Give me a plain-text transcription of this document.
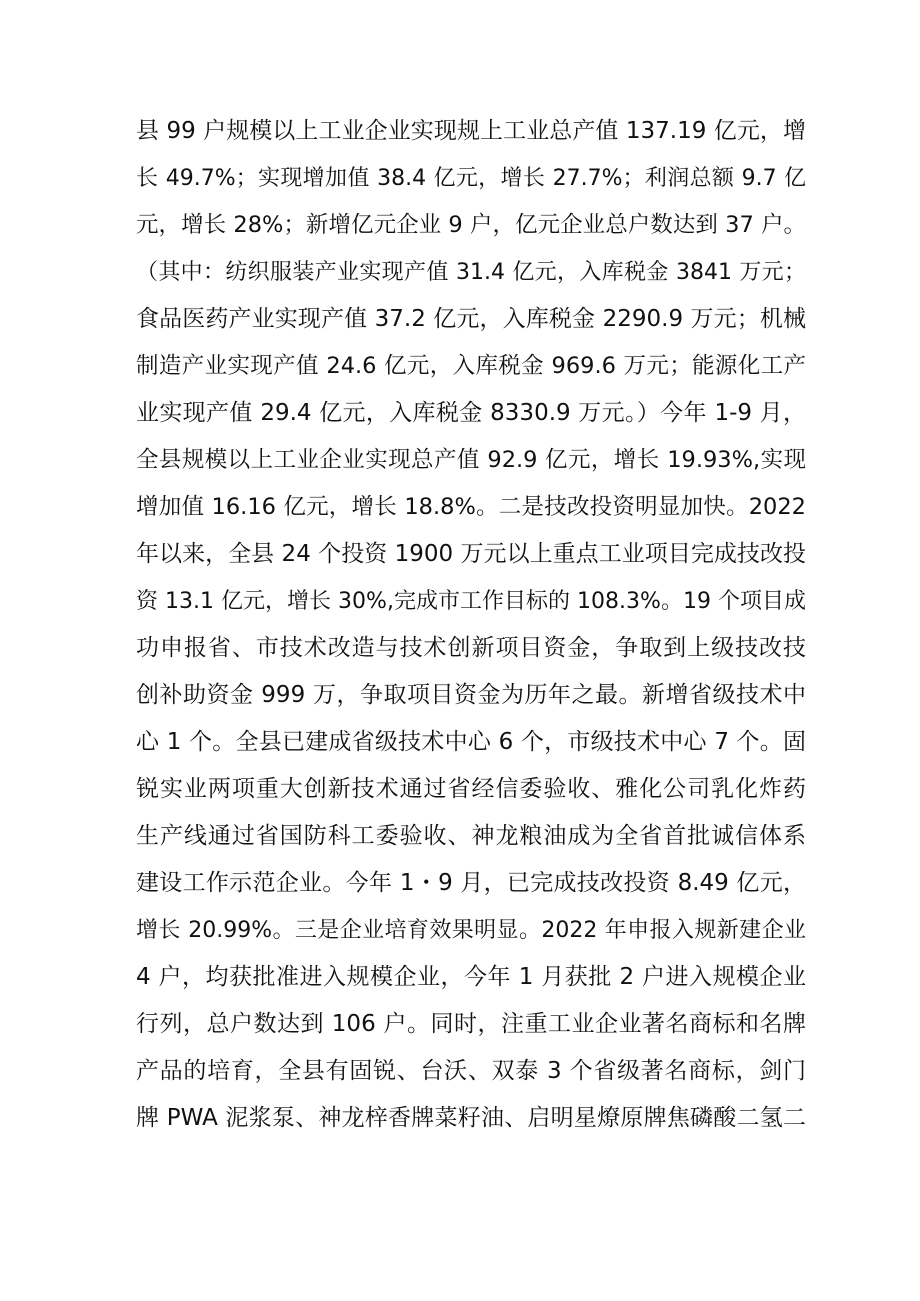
县 99 户规模以上工业企业实现规上工业总产值 137.19 亿元，增
长 49.7%；实现增加值 38.4 亿元，增长 27.7%；利润总额 9.7 亿
元，增长 28%；新增亿元企业 9 户，亿元企业总户数达到 37 户。
（其中：纺织服装产业实现产值 31.4 亿元，入库税金 3841 万元；
食品医药产业实现产值 37.2 亿元，入库税金 2290.9 万元；机械
制造产业实现产值 24.6 亿元，入库税金 969.6 万元；能源化工产
业实现产值 29.4 亿元，入库税金 8330.9 万元。）今年 1-9 月，
全县规模以上工业企业实现总产值 92.9 亿元，增长 19.93%,实现
增加值 16.16 亿元，增长 18.8%。二是技改投资明显加快。2022
年以来，全县 24 个投资 1900 万元以上重点工业项目完成技改投
资 13.1 亿元，增长 30%,完成市工作目标的 108.3%。19 个项目成
功申报省、市技术改造与技术创新项目资金，争取到上级技改技
创补助资金 999 万，争取项目资金为历年之最。新增省级技术中
心 1 个。全县已建成省级技术中心 6 个，市级技术中心 7 个。固
锐实业两项重大创新技术通过省经信委验收、雅化公司乳化炸药
生产线通过省国防科工委验收、神龙粮油成为全省首批诚信体系
建设工作示范企业。今年 1・9 月，已完成技改投资 8.49 亿元，
增长 20.99%。三是企业培育效果明显。2022 年申报入规新建企业
4 户，均获批准进入规模企业，今年 1 月获批 2 户进入规模企业
行列，总户数达到 106 户。同时，注重工业企业著名商标和名牌
产品的培育，全县有固锐、台沃、双泰 3 个省级著名商标，剑门
牌 PWA 泥浆泵、神龙梓香牌菜籽油、启明星燎原牌焦磷酸二氢二
